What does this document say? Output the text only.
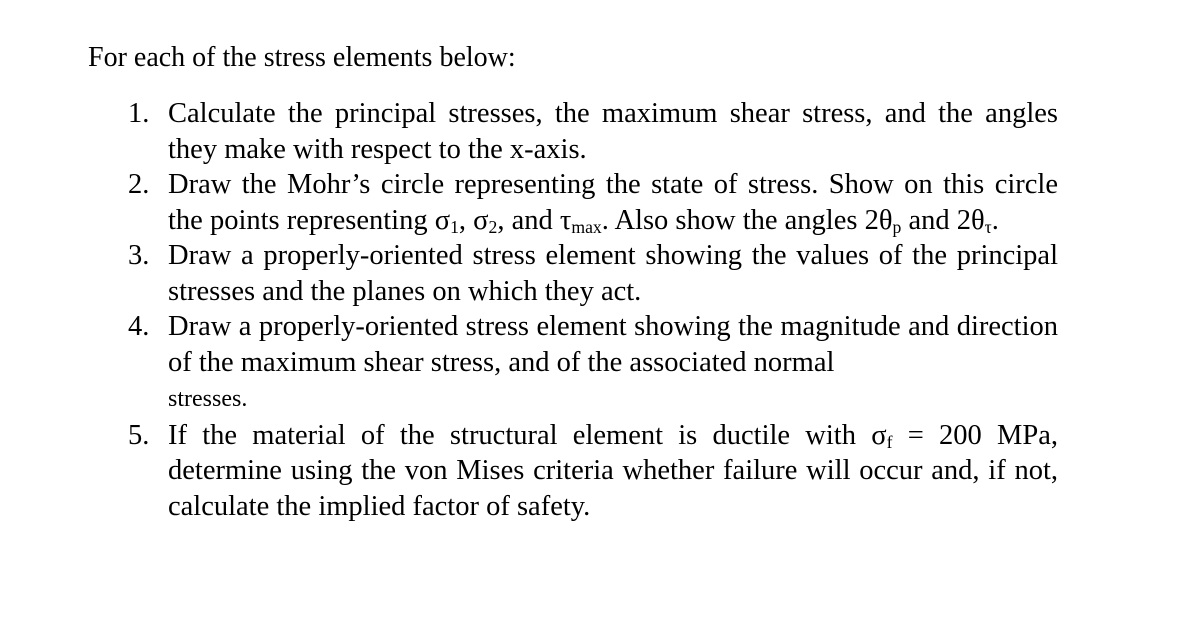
For each of the stress elements below:
1. Calculate the principal stresses, the maximum shear stress, and the angles they make with respect to the x-axis.
2. Draw the Mohr’s circle representing the state of stress. Show on this circle the points representing $\sigma_1$, $\sigma_2$, and $\tau_{max}$. Also show the angles $2\theta_p$ and $2\theta_\tau$.
3. Draw a properly-oriented stress element showing the values of the principal stresses and the planes on which they act.
4. Draw a properly-oriented stress element showing the magnitude and direction of the maximum shear stress, and of the associated normal
stresses.
5. If the material of the structural element is ductile with $\sigma_f = 200$ MPa, determine using the von Mises criteria whether failure will occur and, if not, calculate the implied factor of safety.
